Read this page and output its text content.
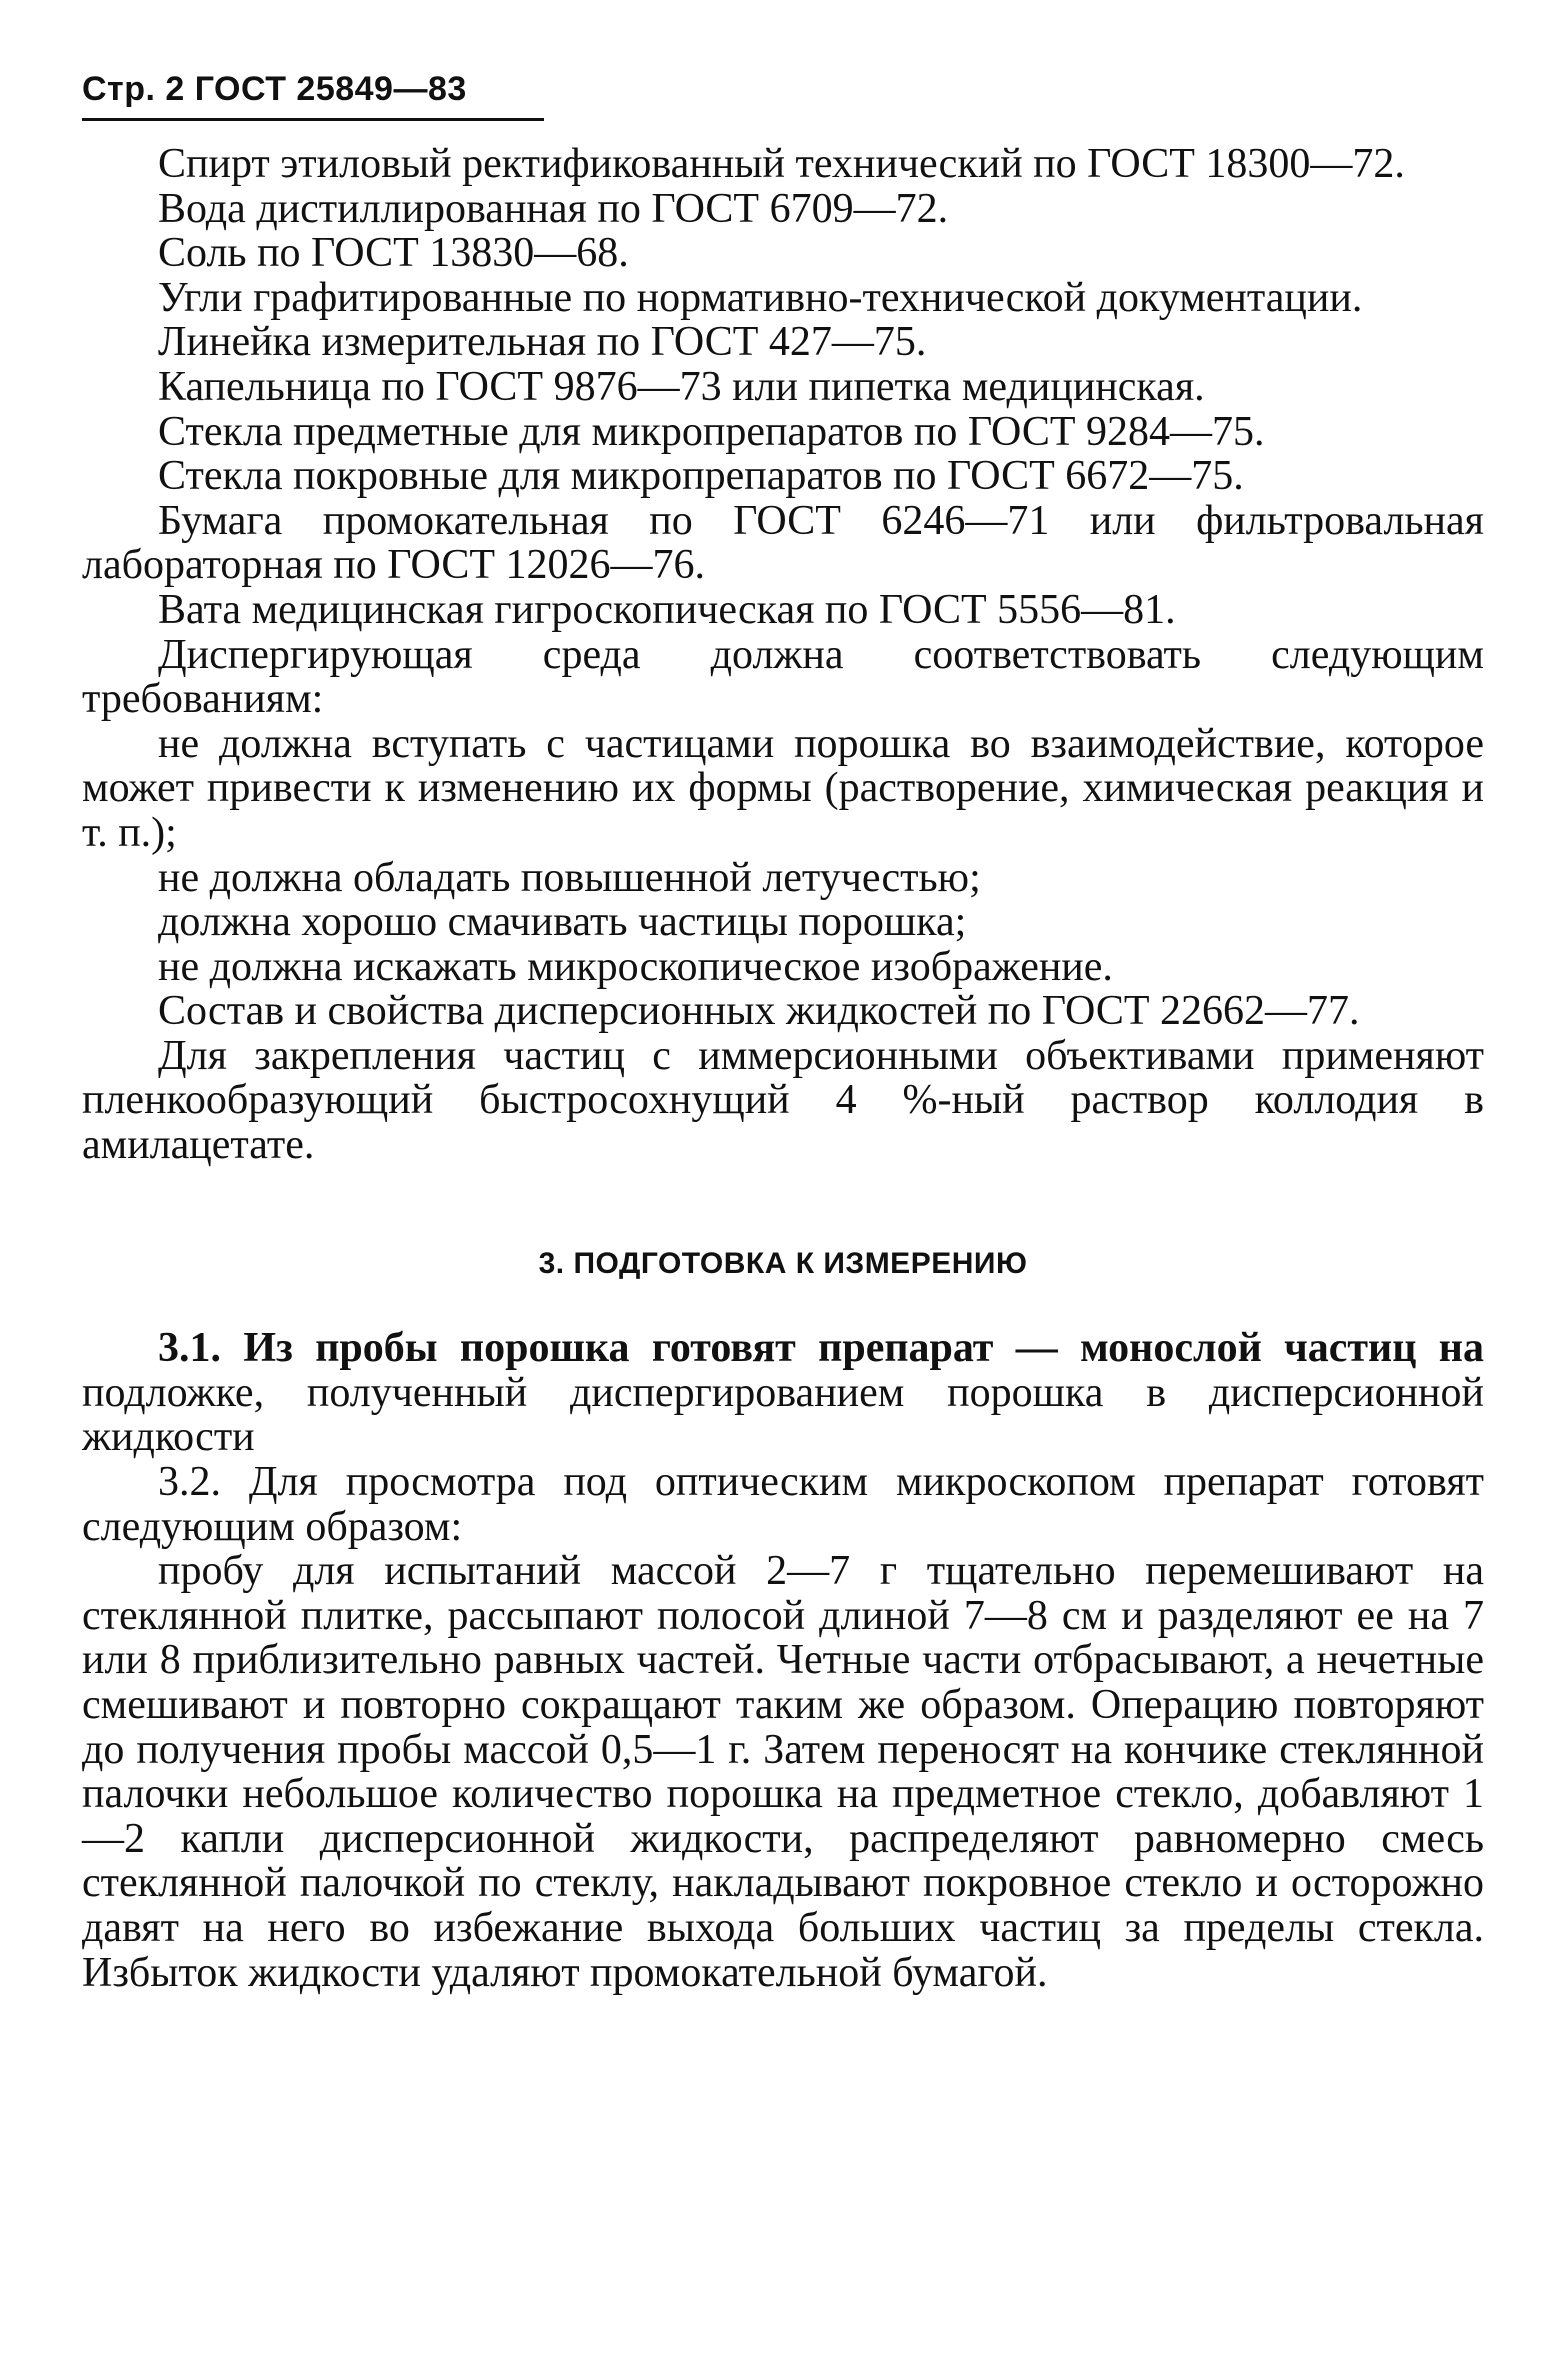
Стр. 2 ГОСТ 25849—83

Спирт этиловый ректификованный технический по ГОСТ 18300—72.

Вода дистиллированная по ГОСТ 6709—72.

Соль по ГОСТ 13830—68.

Угли графитированные по нормативно-технической документации.

Линейка измерительная по ГОСТ 427—75.

Капельница по ГОСТ 9876—73 или пипетка медицинская.

Стекла предметные для микропрепаратов по ГОСТ 9284—75.

Стекла покровные для микропрепаратов по ГОСТ 6672—75.

Бумага промокательная по ГОСТ 6246—71 или фильтровальная лабораторная по ГОСТ 12026—76.

Вата медицинская гигроскопическая по ГОСТ 5556—81.

Диспергирующая среда должна соответствовать следующим требованиям:

не должна вступать с частицами порошка во взаимодействие, которое может привести к изменению их формы (растворение, химическая реакция и т. п.);

не должна обладать повышенной летучестью;

должна хорошо смачивать частицы порошка;

не должна искажать микроскопическое изображение.

Состав и свойства дисперсионных жидкостей по ГОСТ 22662—77.

Для закрепления частиц с иммерсионными объективами применяют пленкообразующий быстросохнущий 4 %-ный раствор коллодия в амилацетате.

3. ПОДГОТОВКА К ИЗМЕРЕНИЮ

3.1. Из пробы порошка готовят препарат — монослой частиц на подложке, полученный диспергированием порошка в дисперсионной жидкости

3.2. Для просмотра под оптическим микроскопом препарат готовят следующим образом:

пробу для испытаний массой 2—7 г тщательно перемешивают на стеклянной плитке, рассыпают полосой длиной 7—8 см и разделяют ее на 7 или 8 приблизительно равных частей. Четные части отбрасывают, а нечетные смешивают и повторно сокращают таким же образом. Операцию повторяют до получения пробы массой 0,5—1 г. Затем переносят на кончике стеклянной палочки небольшое количество порошка на предметное стекло, добавляют 1—2 капли дисперсионной жидкости, распределяют равномерно смесь стеклянной палочкой по стеклу, накладывают покровное стекло и осторожно давят на него во избежание выхода больших частиц за пределы стекла. Избыток жидкости удаляют промокательной бумагой.
